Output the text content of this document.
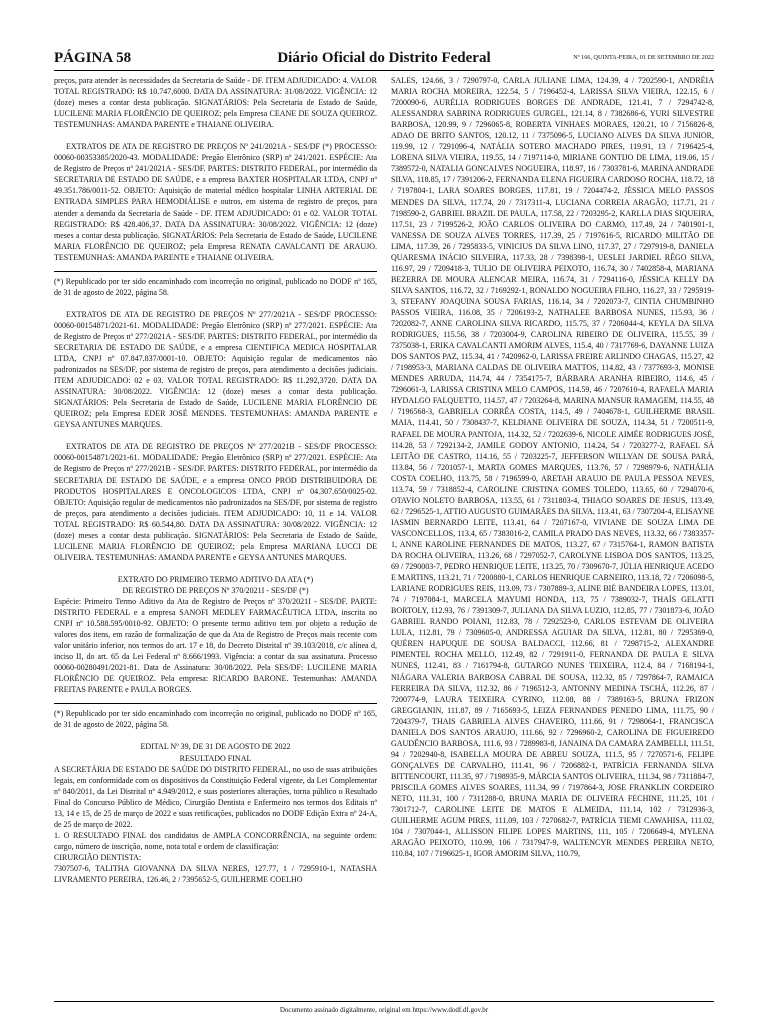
PÁGINA 58	Diário Oficial do Distrito Federal	Nº 166, QUINTA-FEIRA, 01 DE SETEMBRO DE 2022

preços, para atender às necessidades da Secretaria de Saúde - DF. ITEM ADJUDICADO: 4. VALOR TOTAL REGISTRADO: R$ 10.747,6000. DATA DA ASSINATURA: 31/08/2022. VIGÊNCIA: 12 (doze) meses a contar desta publicação. SIGNATÁRIOS: Pela Secretaria de Estado de Saúde, LUCILENE MARIA FLORÊNCIO DE QUEIROZ; pela Empresa CEANE DE SOUZA QUEIROZ. TESTEMUNHAS: AMANDA PARENTE e THAIANE OLIVEIRA.

EXTRATOS DE ATA DE REGISTRO DE PREÇOS Nº 241/2021A - SES/DF (*) PROCESSO: 00060-00353385/2020-43. MODALIDADE: Pregão Eletrônico (SRP) nº 241/2021. ESPÉCIE: Ata de Registro de Preços nº 241/2021A - SES/DF. PARTES: DISTRITO FEDERAL, por intermédio da SECRETARIA DE ESTADO DE SAÚDE, e a empresa BAXTER HOSPITALAR LTDA, CNPJ nº 49.351.786/0011-52. OBJETO: Aquisição de material médico hospitalar LINHA ARTERIAL DE ENTRADA SIMPLES PARA HEMODIÁLISE e outros, em sistema de registro de preços, para atender a demanda da Secretaria de Saúde - DF. ITEM ADJUDICADO: 01 e 02. VALOR TOTAL REGISTRADO: R$ 428.406,37. DATA DA ASSINATURA: 30/08/2022. VIGÊNCIA: 12 (doze) meses a contar desta publicação. SIGNATÁRIOS: Pela Secretaria de Estado de Saúde, LUCILENE MARIA FLORÊNCIO DE QUEIROZ; pela Empresa RENATA CAVALCANTI DE ARAUJO. TESTEMUNHAS: AMANDA PARENTE e THAIANE OLIVEIRA.

(*) Republicado por ter sido encaminhado com incorreção no original, publicado no DODF nº 165, de 31 de agosto de 2022, página 58.

EXTRATOS DE ATA DE REGISTRO DE PREÇOS Nº 277/2021A - SES/DF PROCESSO: 00060-00154871/2021-61. MODALIDADE: Pregão Eletrônico (SRP) nº 277/2021. ESPÉCIE: Ata de Registro de Preços nº 277/2021A - SES/DF. PARTES: DISTRITO FEDERAL, por intermédio da SECRETARIA DE ESTADO DE SAÚDE, e a empresa CIENTIFICA MEDICA HOSPITALAR LTDA, CNPJ nº 07.847.837/0001-10. OBJETO: Aquisição regular de medicamentos não padronizados na SES/DF, por sistema de registro de preços, para atendimento a decisões judiciais. ITEM ADJUDICADO: 02 e 03. VALOR TOTAL REGISTRADO: R$ 11.292,3720. DATA DA ASSINATURA: 30/08/2022. VIGÊNCIA: 12 (doze) meses a contar desta publicação. SIGNATÁRIOS: Pela Secretaria de Estado de Saúde, LUCILENE MARIA FLORÊNCIO DE QUEIROZ; pela Empresa EDER JOSÉ MENDES. TESTEMUNHAS: AMANDA PARENTE e GEYSA ANTUNES MARQUES.

EXTRATOS DE ATA DE REGISTRO DE PREÇOS Nº 277/2021B - SES/DF PROCESSO: 00060-00154871/2021-61. MODALIDADE: Pregão Eletrônico (SRP) nº 277/2021. ESPÉCIE: Ata de Registro de Preços nº 277/2021B - SES/DF. PARTES: DISTRITO FEDERAL, por intermédio da SECRETARIA DE ESTADO DE SAÚDE, e a empresa ONCO PROD DISTRIBUIDORA DE PRODUTOS HOSPITALARES E ONCOLOGICOS LTDA, CNPJ nº 04.307.650/0025-02. OBJETO: Aquisição regular de medicamentos não padronizados na SES/DF, por sistema de registro de preços, para atendimento a decisões judiciais. ITEM ADJUDICADO: 10, 11 e 14. VALOR TOTAL REGISTRADO: R$ 60.544,80. DATA DA ASSINATURA: 30/08/2022. VIGÊNCIA: 12 (doze) meses a contar desta publicação. SIGNATÁRIOS: Pela Secretaria de Estado de Saúde, LUCILENE MARIA FLORÊNCIO DE QUEIROZ; pela Empresa MARIANA LUCCI DE OLIVEIRA. TESTEMUNHAS: AMANDA PARENTE e GEYSA ANTUNES MARQUES.

EXTRATO DO PRIMEIRO TERMO ADITIVO DA ATA (*)

DE REGISTRO DE PREÇOS Nº 370/2021I - SES/DF (*)

Espécie: Primeiro Termo Aditivo da Ata de Registro de Preços nº 370/2021I - SES/DF. PARTE: DISTRITO FEDERAL e a empresa SANOFI MEDLEY FARMACÊUTICA LTDA, inscrita no CNPJ nº 10.588.595/0010-92. OBJETO: O presente termo aditivo tem por objeto a redução de valores dos itens, em razão de formalização de que da Ata de Registro de Preços mais recente com valor unitário inferior, nos termos do art. 17 e 18, do Decreto Distrital nº 39.103/2018, c/c alínea d, inciso II, do art. 65 da Lei Federal nº 8.666/1993. Vigência: a contar da sua assinatura. Processo 00060-00280491/2021-81. Data de Assinatura: 30/08/2022. Pela SES/DF: LUCILENE MARIA FLORÊNCIO DE QUEIROZ. Pela empresa: RICARDO BARONE. Testemunhas: AMANDA FREITAS PARENTE e PAULA BORGES.

(*) Republicado por ter sido encaminhado com incorreção no original, publicado no DODF nº 165, de 31 de agosto de 2022, página 58.

EDITAL Nº 39, DE 31 DE AGOSTO DE 2022

RESULTADO FINAL

A SECRETÁRIA DE ESTADO DE SAÚDE DO DISTRITO FEDERAL, no uso de suas atribuições legais, em conformidade com os dispositivos da Constituição Federal vigente, da Lei Complementar nº 840/2011, da Lei Distrital nº 4.949/2012, e suas posteriores alterações, torna público o Resultado Final do Concurso Público de Médico, Cirurgião Dentista e Enfermeiro nos termos dos Editais nº 13, 14 e 15, de 25 de março de 2022 e suas retificações, publicados no DODF Edição Extra nº 24-A, de 25 de março de 2022.

1. O RESULTADO FINAL dos candidatos de AMPLA CONCORRÊNCIA, na seguinte ordem: cargo, número de inscrição, nome, nota total e ordem de classificação:

CIRURGIÃO DENTISTA:

7307507-6, TALITHA GIOVANNA DA SILVA NERES, 127.77, 1 / 7295910-1, NATASHA LIVRAMENTO PEREIRA, 126.46, 2 / 7395652-5, GUILHERME COELHO

SALES, 124.66, 3 / 7290797-0, CARLA JULIANE LIMA, 124.39, 4 / 7202590-1, ANDRÉIA MARIA ROCHA MOREIRA, 122.54, 5 / 7196452-4, LARISSA SILVA VIEIRA, 122.15, 6 / 7200090-6, AURÉLIA RODRIGUES BORGES DE ANDRADE, 121.41, 7 / 7294742-8, ALESSANDRA SABRINA RODRIGUES GURGEL, 121.14, 8 / 7382686-6, YURI SILVESTRE BARBOSA, 120.99, 9 / 7296065-8, ROBERTA VINHAES MORAES, 120.21, 10 / 7156826-8, ADAO DE BRITO SANTOS, 120.12, 11 / 7375096-5, LUCIANO ALVES DA SILVA JUNIOR, 119.99, 12 / 7291096-4, NATÁLIA SOTERO MACHADO PIRES, 119.91, 13 / 7196425-4, LORENA SILVA VIEIRA, 119.55, 14 / 7197114-0, MIRIANE GONTIJO DE LIMA, 119.06, 15 / 7389572-0, NATALIA GONCALVES NOGUEIRA, 118.97, 16 / 7303781-6, MARINA ANDRADE SILVA, 118.85, 17 / 7391206-2, FERNANDA ELENA FIGUEIRA CARDOSO ROCHA, 118.72, 18 / 7197804-1, LARA SOARES BORGES, 117.81, 19 / 7204474-2, JÉSSICA MELO PASSOS MENDES DA SILVA, 117.74, 20 / 7317311-4, LUCIANA CORREIA ARAGÃO, 117.71, 21 / 7198590-2, GABRIEL BRAZIL DE PAULA, 117.58, 22 / 7203295-2, KARLLA DIAS SIQUEIRA, 117.51, 23 / 7199526-2, JOÃO CARLOS OLIVEIRA DO CARMO, 117.49, 24 / 7401901-1, VANESSA DE SOUZA ALVES TORRES, 117.39, 25 / 7197616-5, RICARDO MILITÃO DE LIMA, 117.39, 26 / 7295833-5, VINICIUS DA SILVA LINO, 117.37, 27 / 7297919-8, DANIELA QUARESMA INÁCIO SILVEIRA, 117.33, 28 / 7398398-1, UESLEI JARDIEL RÊGO SILVA, 116.97, 29 / 7209418-3, TULIO DE OLIVEIRA PEIXOTO, 116.74, 30 / 7402858-4, MARIANA BEZERRA DE MOURA ALENCAR MEIRA, 116.74, 31 / 7294116-0, JÉSSICA KELLY DA SILVA SANTOS, 116.72, 32 / 7169292-1, RONALDO NOGUEIRA FILHO, 116.27, 33 / 7295919-3, STEFANY JOAQUINA SOUSA FARIAS, 116.14, 34 / 7202073-7, CINTIA CHUMBINHO PASSOS VIEIRA, 116.08, 35 / 7206193-2, NATHALEE BARBOSA NUNES, 115.93, 36 / 7202082-7, ANNE CAROLINA SILVA RICARDO, 115.75, 37 / 7206044-4, KEYLA DA SILVA RODRIGUES, 115.56, 38 / 7203004-9, CAROLINA RIBEIRO DE OLIVEIRA, 115.55, 39 / 7375038-1, ERIKA CAVALCANTI AMORIM ALVES, 115.4, 40 / 7317769-6, DAYANNE LUIZA DOS SANTOS PAZ, 115.34, 41 / 7420962-0, LARISSA FREIRE ARLINDO CHAGAS, 115.27, 42 / 7198953-3, MARIANA CALDAS DE OLIVEIRA MATTOS, 114.82, 43 / 7377693-3, MONISE MENDES ARRUDA, 114.74, 44 / 7354175-7, BÁRBARA ARANHA RIBEIRO, 114.6, 45 / 7296061-3, LARISSA CRISTINA MELO CAMPOS, 114.59, 46 / 7207610-4, RAFAELA MARIA HYDALGO FALQUETTO, 114.57, 47 / 7203264-8, MARINA MANSUR RAMAGEM, 114.55, 48 / 7196568-3, GABRIELA CORRÊA COSTA, 114.5, 49 / 7404678-1, GUILHERME BRASIL MAIA, 114.41, 50 / 7308437-7, KELDIANE OLIVEIRA DE SOUZA, 114.34, 51 / 7200511-9, RAFAEL DE MOURA PANTOJA, 114.32, 52 / 7202639-6, NICOLE AIMÉE RODRIGUES JOSÉ, 114.28, 53 / 7292134-2, JAMILE GODOY ANTONIO, 114.24, 54 / 7203277-2, RAFAEL SÁ LEITÃO DE CASTRO, 114.16, 55 / 7203225-7, JEFFERSON WILLYAN DE SOUSA PARÁ, 113.84, 56 / 7201057-1, MARTA GOMES MARQUES, 113.76, 57 / 7298979-6, NATHÁLIA COSTA COELHO, 113.75, 58 / 7196599-0, ARETAH ARAUJO DE PAULA PESSOA NEVES, 113.74, 59 / 7318852-4, CAROLINE CRISTINA GOMES TOLEDO, 113.65, 60 / 7294070-6, OTAVIO NOLETO BARBOSA, 113.55, 61 / 7311803-4, THIAGO SOARES DE JESUS, 113.49, 62 / 7296525-1, ATTIO AUGUSTO GUIMARÃES DA SILVA, 113.41, 63 / 7307204-4, ELISAYNE IASMIN BERNARDO LEITE, 113.41, 64 / 7207167-0, VIVIANE DE SOUZA LIMA DE VASCONCELLOS, 113.4, 65 / 7383016-2, CAMILA PRADO DAS NEVES, 113.32, 66 / 7383357-1, ANNE KAROLINE FERNANDES DE MATOS, 113.27, 67 / 7315764-1, RAMON BATISTA DA ROCHA OLIVEIRA, 113.26, 68 / 7297052-7, CAROLYNE LISBOA DOS SANTOS, 113.25, 69 / 7290003-7, PEDRO HENRIQUE LEITE, 113.25, 70 / 7309670-7, JÚLIA HENRIQUE ACEDO E MARTINS, 113.21, 71 / 7200880-1, CARLOS HENRIQUE CARNEIRO, 113.18, 72 / 7206098-5, LARIANE RODRIGUES REIS, 113.09, 73 / 7307889-3, ALINE BIÉ BANDEIRA LOPES, 113.01, 74 / 7197084-1, MARCELA MAYUMI HONDA, 113, 75 / 7389032-7, THAÍS GELATTI BORTOLY, 112.93, 76 / 7391309-7, JULIANA DA SILVA LUZIO, 112.85, 77 / 7301873-6, JOÃO GABRIEL RANDO POIANI, 112.83, 78 / 7292523-0, CARLOS ESTEVAM DE OLIVEIRA LULA, 112.81, 79 / 7309605-0, ANDRESSA AGUIAR DA SILVA, 112.81, 80 / 7295369-0, QUÉREN HAPUQUE DE SOUSA BALDACCI, 112.66, 81 / 7298715-2, ALEXANDRE PIMENTEL ROCHA MELLO, 112.49, 82 / 7291911-0, FERNANDA DE PAULA E SILVA NUNES, 112.41, 83 / 7161794-8, GUTARGO NUNES TEIXEIRA, 112.4, 84 / 7168194-1, NIÁGARA VALERIA BARBOSA CABRAL DE SOUSA, 112.32, 85 / 7297864-7, RAMAICA FERREIRA DA SILVA, 112.32, 86 / 7196512-3, ANTONNY MEDINA TSCHÁ, 112.26, 87 / 7200774-9, LAURA TEIXEIRA CYRINO, 112.08, 88 / 7389163-5, BRUNA FRIZON GREGGIANIN, 111.87, 89 / 7165693-5, LEIZA FERNANDES PENEDO LIMA, 111.75, 90 / 7204379-7, THAIS GABRIELA ALVES CHAVEIRO, 111.66, 91 / 7298064-1, FRANCISCA DANIELA DOS SANTOS ARAUJO, 111.66, 92 / 7296960-2, CAROLINA DE FIGUEIREDO GAUDÊNCIO BARBOSA, 111.6, 93 / 7289983-8, JANAINA DA CAMARA ZAMBELLI, 111.51, 94 / 7202940-8, ISABELLA MOURA DE ABREU SOUZA, 111.5, 95 / 7270571-6, FELIPE GONÇALVES DE CARVALHO, 111.41, 96 / 7206882-1, PATRÍCIA FERNANDA SILVA BITTENCOURT, 111.35, 97 / 7198935-9, MÁRCIA SANTOS OLIVEIRA, 111.34, 98 / 7311884-7, PRISCILA GOMES ALVES SOARES, 111.34, 99 / 7197864-3, JOSE FRANKLIN CORDEIRO NETO, 111.31, 100 / 7311288-0, BRUNA MARIA DE OLIVEIRA FECHINE, 111.25, 101 / 7301712-7, CAROLINE LEITE DE MATOS E ALMEIDA, 111.14, 102 / 7312936-3, GUILHERME AGUM PIRES, 111.09, 103 / 7270682-7, PATRÍCIA TIEMI CAWAHISA, 111.02, 104 / 7307044-1, ALLISSON FILIPE LOPES MARTINS, 111, 105 / 7206649-4, MYLENA ARAGÃO PEIXOTO, 110.99, 106 / 7317947-9, WALTENCYR MENDES PEREIRA NETO, 110.84, 107 / 7196625-1, IGOR AMORIM SILVA, 110.79,

Documento assinado digitalmente, original em https://www.dodf.df.gov.br
